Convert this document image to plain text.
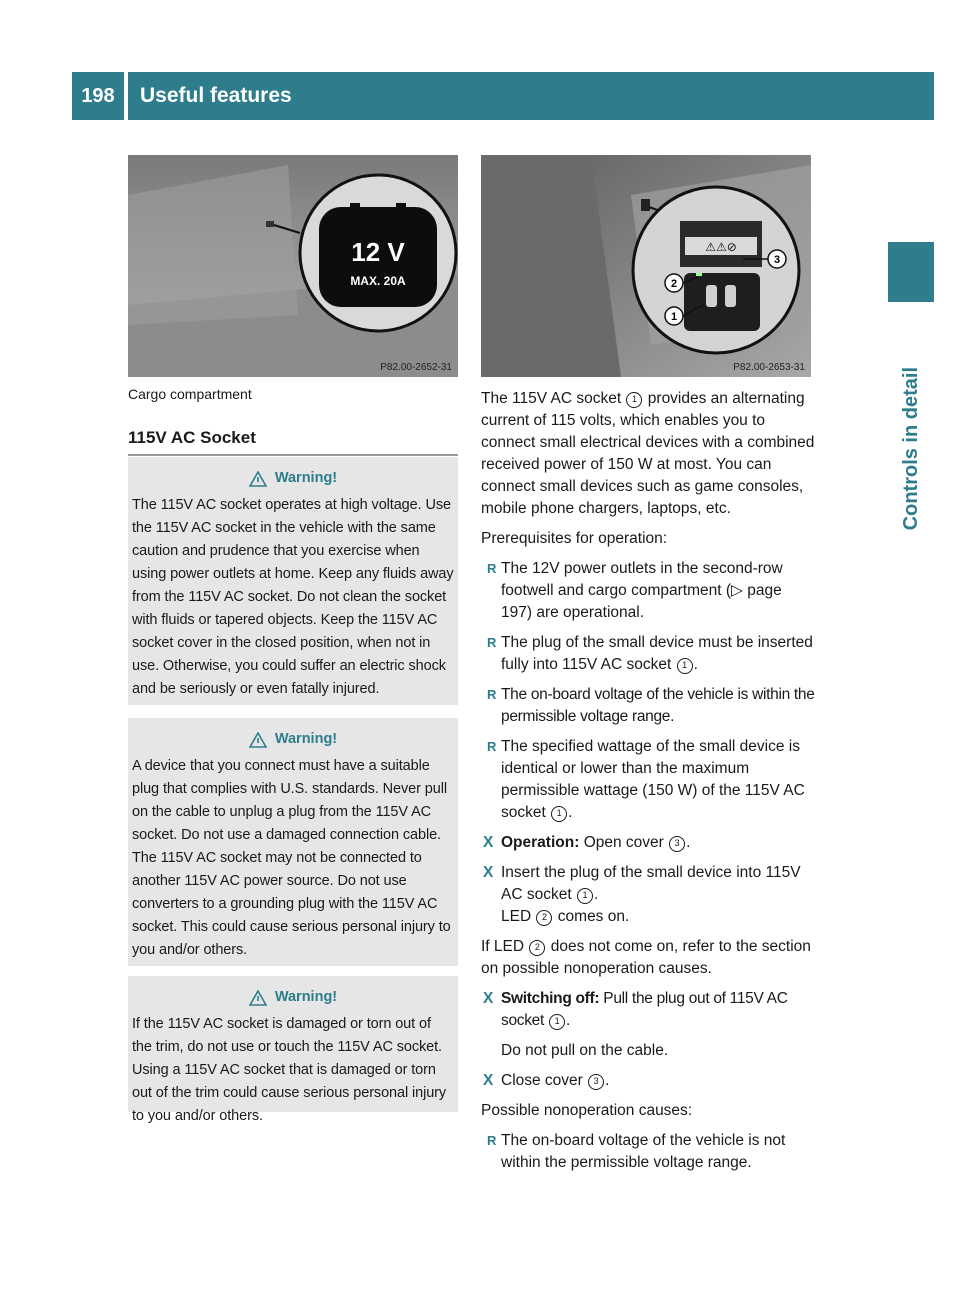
198	Useful features
Controls in detail
12 V
MAX. 20A
P82.00-2652-31
⚠⚠⊘
3
2
1
P82.00-2653-31
Cargo compartment
115V AC Socket
Warning!
The 115V AC socket operates at high voltage. Use the 115V AC socket in the vehicle with the same caution and prudence that you exercise when using power outlets at home. Keep any fluids away from the 115V AC socket. Do not clean the socket with fluids or tapered objects. Keep the 115V AC socket cover in the closed position, when not in use. Otherwise, you could suffer an electric shock and be seriously or even fatally injured.
Warning!
A device that you connect must have a suitable plug that complies with U.S. standards. Never pull on the cable to unplug a plug from the 115V AC socket. Do not use a damaged connection cable. The 115V AC socket may not be connected to another 115V AC power source. Do not use converters to a grounding plug with the 115V AC socket. This could cause serious personal injury to you and/or others.
Warning!
If the 115V AC socket is damaged or torn out of the trim, do not use or touch the 115V AC socket. Using a 115V AC socket that is damaged or torn out of the trim could cause serious personal injury to you and/or others.

The 115V AC socket 1 provides an alternating current of 115 volts, which enables you to connect small electrical devices with a combined received power of 150 W at most. You can connect small devices such as game consoles, mobile phone chargers, laptops, etc.

Prerequisites for operation:

R The 12V power outlets in the second-row footwell and cargo compartment (▷ page 197) are operational.
R The plug of the small device must be inserted fully into 115V AC socket 1 .
R The on-board voltage of the vehicle is within the permissible voltage range.
R The specified wattage of the small device is identical or lower than the maximum permissible wattage (150 W) of the 115V AC socket 1 .
X Operation: Open cover 3 .
X Insert the plug of the small device into 115V AC socket 1 .
LED 2 comes on.

If LED 2 does not come on, refer to the section on possible nonoperation causes.

X Switching off: Pull the plug out of 115V AC socket 1 .
Do not pull on the cable.
X Close cover 3 .

Possible nonoperation causes:

R The on-board voltage of the vehicle is not within the permissible voltage range.
